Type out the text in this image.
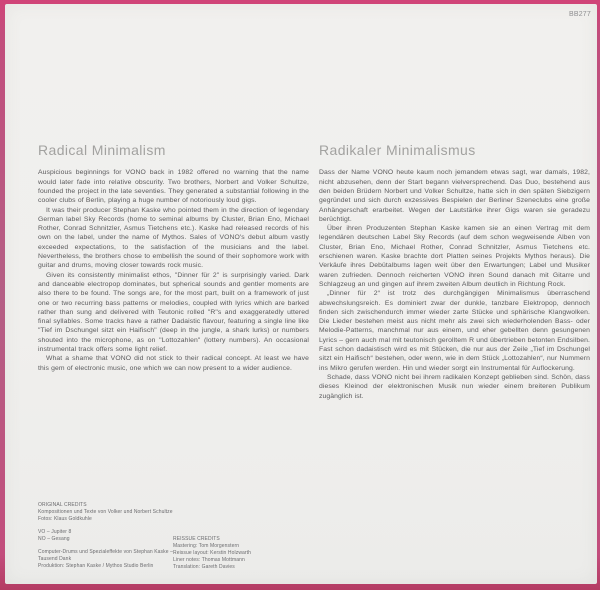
BB277
Radical Minimalism

Auspicious beginnings for VONO back in 1982 offered no warning that the name would later fade into relative obscurity. Two brothers, Norbert and Volker Schultze, founded the project in the late seventies. They generated a substantial following in the cooler clubs of Berlin, playing a huge number of notoriously loud gigs.

It was their producer Stephan Kaske who pointed them in the direction of legendary German label Sky Records (home to seminal albums by Cluster, Brian Eno, Michael Rother, Conrad Schnitzler, Asmus Tietchens etc.). Kaske had released records of his own on the label, under the name of Mythos. Sales of VONO's debut album vastly exceeded expectations, to the satisfaction of the musicians and the label. Nevertheless, the brothers chose to embellish the sound of their sophomore work with guitar and drums, moving closer towards rock music.

Given its consistently minimalist ethos, "Dinner für 2" is surprisingly varied. Dark and danceable electropop dominates, but spherical sounds and gentler moments are also there to be found. The songs are, for the most part, built on a framework of just one or two recurring bass patterns or melodies, coupled with lyrics which are barked rather than sung and delivered with Teutonic rolled "R"s and exaggeratedly uttered final syllables. Some tracks have a rather Dadaistic flavour, featuring a single line like "Tief im Dschungel sitzt ein Haifisch" (deep in the jungle, a shark lurks) or numbers shouted into the microphone, as on "Lottozahlen" (lottery numbers). An occasional instrumental track offers some light relief.

What a shame that VONO did not stick to their radical concept. At least we have this gem of electronic music, one which we can now present to a wider audience.

Radikaler Minimalismus

Dass der Name VONO heute kaum noch jemandem etwas sagt, war damals, 1982, nicht abzusehen, denn der Start begann vielversprechend. Das Duo, bestehend aus den beiden Brüdern Norbert und Volker Schultze, hatte sich in den späten Siebzigern gegründet und sich durch exzessives Bespielen der Berliner Szeneclubs eine große Anhängerschaft erarbeitet. Wegen der Lautstärke ihrer Gigs waren sie geradezu berüchtigt.

Über ihren Produzenten Stephan Kaske kamen sie an einen Vertrag mit dem legendären deutschen Label Sky Records (auf dem schon wegweisende Alben von Cluster, Brian Eno, Michael Rother, Conrad Schnitzler, Asmus Tietchens etc. erschienen waren. Kaske brachte dort Platten seines Projekts Mythos heraus). Die Verkäufe ihres Debütalbums lagen weit über den Erwartungen; Label und Musiker waren zufrieden. Dennoch reicherten VONO ihren Sound danach mit Gitarre und Schlagzeug an und gingen auf ihrem zweiten Album deutlich in Richtung Rock.

„Dinner für 2“ ist trotz des durchgängigen Minimalismus überraschend abwechslungsreich. Es dominiert zwar der dunkle, tanzbare Elektropop, dennoch finden sich zwischendurch immer wieder zarte Stücke und sphärische Klangwolken. Die Lieder bestehen meist aus nicht mehr als zwei sich wiederholenden Bass- oder Melodie-Patterns, manchmal nur aus einem, und eher gebellten denn gesungenen Lyrics – gern auch mal mit teutonisch gerolltem R und übertrieben betonten Endsilben. Fast schon dadaistisch wird es mit Stücken, die nur aus der Zeile „Tief im Dschungel sitzt ein Haifisch“ bestehen, oder wenn, wie in dem Stück „Lottozahlen“, nur Nummern ins Mikro gerufen werden. Hin und wieder sorgt ein Instrumental für Auflockerung.

Schade, dass VONO nicht bei ihrem radikalen Konzept geblieben sind. Schön, dass dieses Kleinod der elektronischen Musik nun wieder einem breiteren Publikum zugänglich ist.

ORIGINAL CREDITS
Kompositionen und Texte von Volker und Norbert Schultze
Fotos: Klaus Goldkuhle
VO – Jupiter 8
NO – Gesang
Computer-Drums und Spezialeffekte von Stephan Kaske –
Tausend Dank
Produktion: Stephan Kaske / Mythos Studio Berlin
REISSUE CREDITS
Mastering: Tom Morgenstern
Reissue layout: Kerstin Holzwarth
Liner notes: Thomas Mottmann
Translation: Gareth Davies
